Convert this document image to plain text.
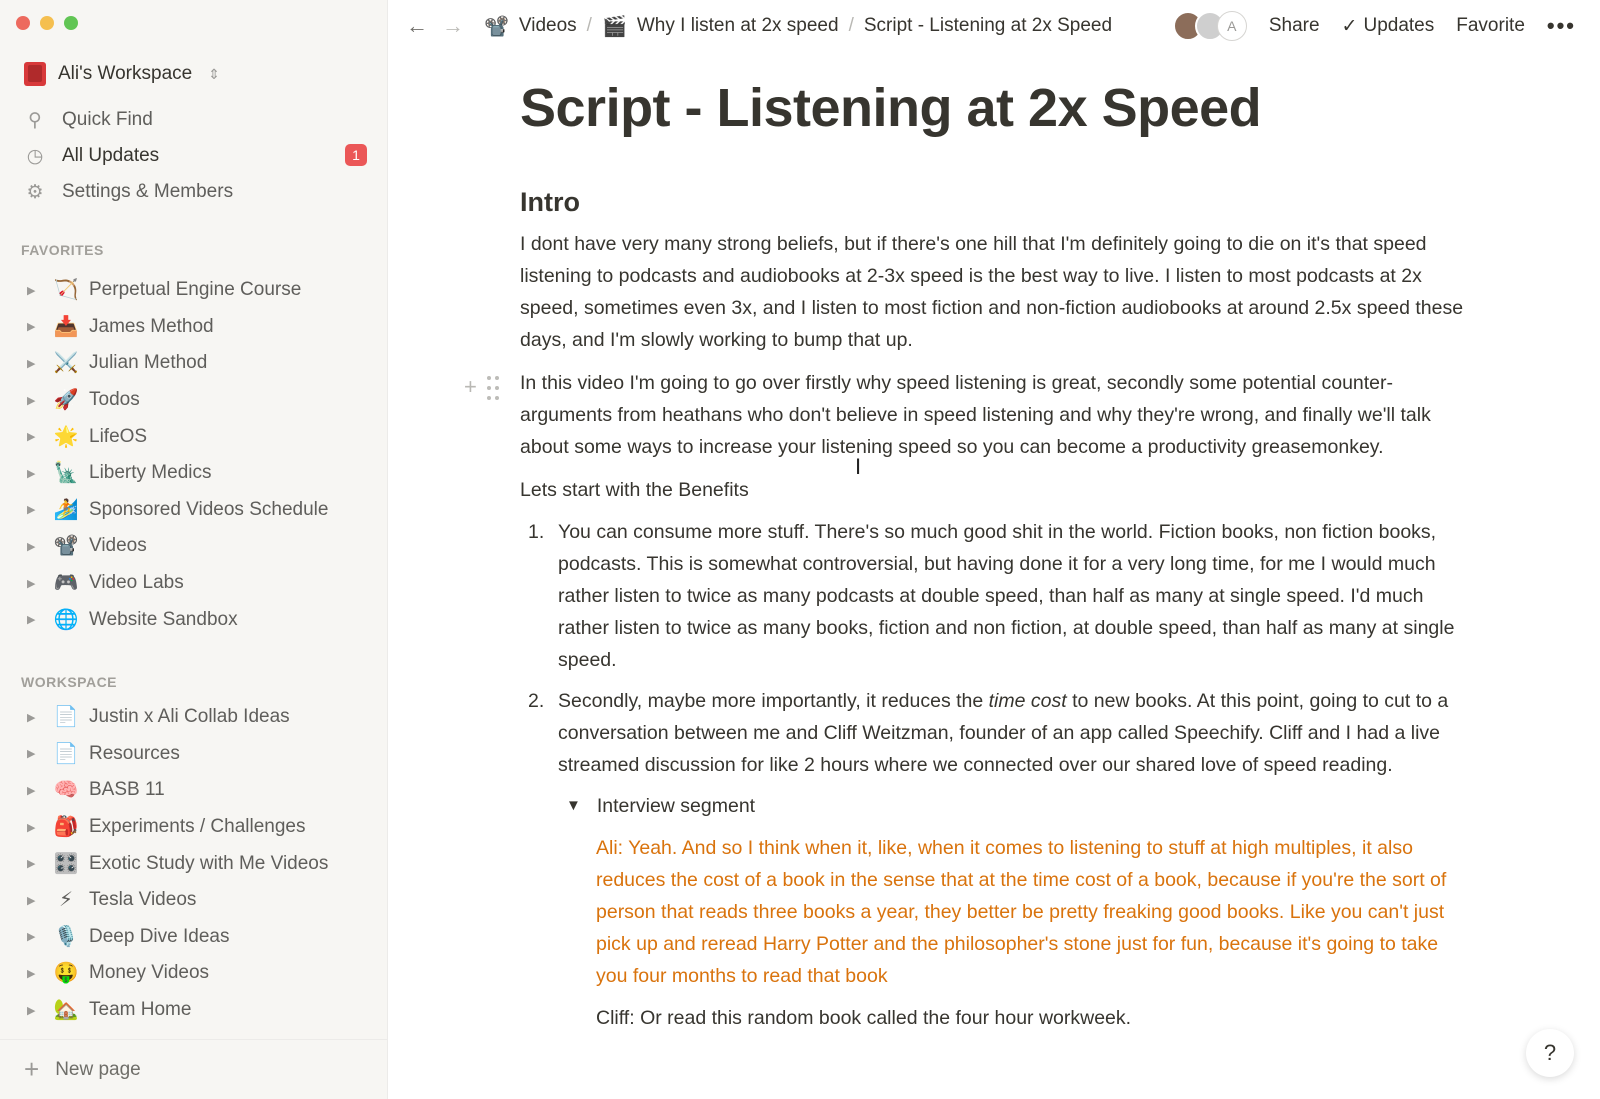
Ali's Workspace ⇕
⚲ Quick Find
◷ All Updates	1
⚙ Settings & Members
FAVORITES
▶ 🏹 Perpetual Engine Course
▶ 📥 James Method
▶ ⚔️ Julian Method
▶ 🚀 Todos
▶ 🌟 LifeOS
▶ 🗽 Liberty Medics
▶ 🏄 Sponsored Videos Schedule
▶ 📽️ Videos
▶ 🎮 Video Labs
▶ 🌐 Website Sandbox
WORKSPACE
▶ 📄 Justin x Ali Collab Ideas
▶ 📄 Resources
▶ 🧠 BASB 11
▶ 🎒 Experiments / Challenges
▶ 🎛️ Exotic Study with Me Videos
▶ ⚡ Tesla Videos
▶ 🎙️ Deep Dive Ideas
▶ 🤑 Money Videos
▶ 🏡 Team Home
+ New page
← → 📽️ Videos / 🎬 Why I listen at 2x speed / Script - Listening at 2x Speed	A	Share ✓ Updates Favorite •••
Script - Listening at 2x Speed
Intro
I dont have very many strong beliefs, but if there's one hill that I'm definitely going to die on it's that speed listening to podcasts and audiobooks at 2-3x speed is the best way to live. I listen to most podcasts at 2x speed, sometimes even 3x, and I listen to most fiction and non-fiction audiobooks at around 2.5x speed these days, and I'm slowly working to bump that up.
+ In this video I'm going to go over firstly why speed listening is great, secondly some potential counter-arguments from heathans who don't believe in speed listening and why they're wrong, and finally we'll talk about some ways to increase your listening speed so you can become a productivity greasemonkey.
Lets start with the Benefits
1. You can consume more stuff. There's so much good shit in the world. Fiction books, non fiction books, podcasts. This is somewhat controversial, but having done it for a very long time, for me I would much rather listen to twice as many podcasts at double speed, than half as many at single speed. I'd much rather listen to twice as many books, fiction and non fiction, at double speed, than half as many at single speed.
2. Secondly, maybe more importantly, it reduces the time cost to new books. At this point, going to cut to a conversation between me and Cliff Weitzman, founder of an app called Speechify. Cliff and I had a live streamed discussion for like 2 hours where we connected over our shared love of speed reading.
▼ Interview segment
Ali: Yeah. And so I think when it, like, when it comes to listening to stuff at high multiples, it also reduces the cost of a book in the sense that at the time cost of a book, because if you're the sort of person that reads three books a year, they better be pretty freaking good books. Like you can't just pick up and reread Harry Potter and the philosopher's stone just for fun, because it's going to take you four months to read that book
Cliff: Or read this random book called the four hour workweek.
I
?
